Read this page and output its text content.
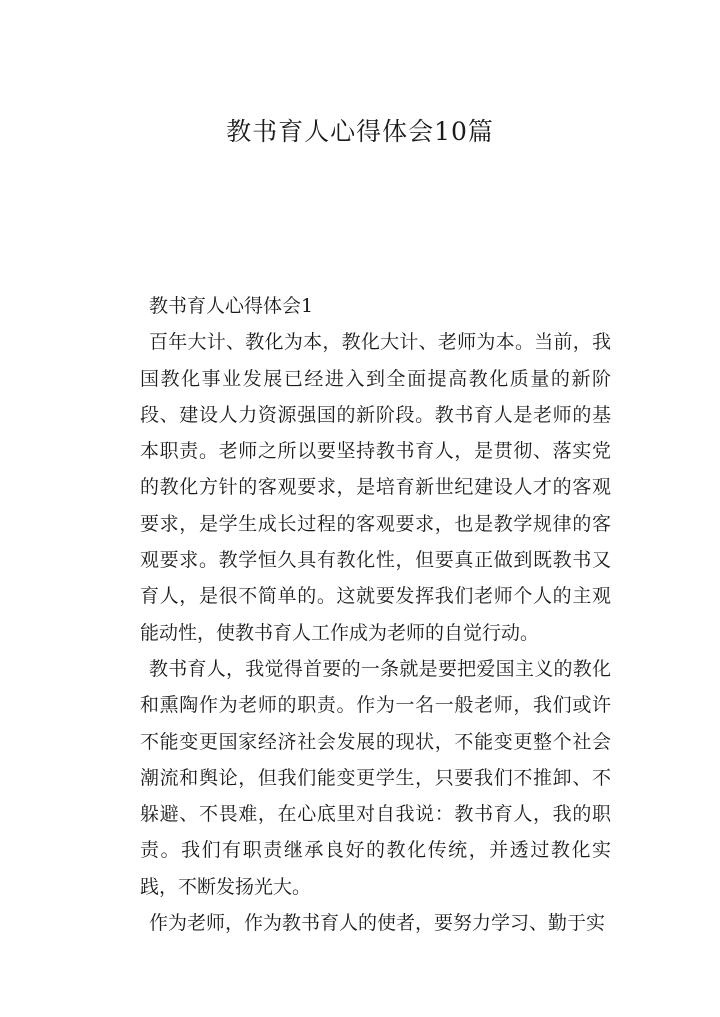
教书育人心得体会10篇

教书育人心得体会1

百年大计、教化为本，教化大计、老师为本。当前，我国教化事业发展已经进入到全面提高教化质量的新阶段、建设人力资源强国的新阶段。教书育人是老师的基本职责。老师之所以要坚持教书育人，是贯彻、落实党的教化方针的客观要求，是培育新世纪建设人才的客观要求，是学生成长过程的客观要求，也是教学规律的客观要求。教学恒久具有教化性，但要真正做到既教书又育人，是很不简单的。这就要发挥我们老师个人的主观能动性，使教书育人工作成为老师的自觉行动。

教书育人，我觉得首要的一条就是要把爱国主义的教化和熏陶作为老师的职责。作为一名一般老师，我们或许不能变更国家经济社会发展的现状，不能变更整个社会潮流和舆论，但我们能变更学生，只要我们不推卸、不躲避、不畏难，在心底里对自我说：教书育人，我的职责。我们有职责继承良好的教化传统，并透过教化实践，不断发扬光大。

作为老师，作为教书育人的使者，要努力学习、勤于实
